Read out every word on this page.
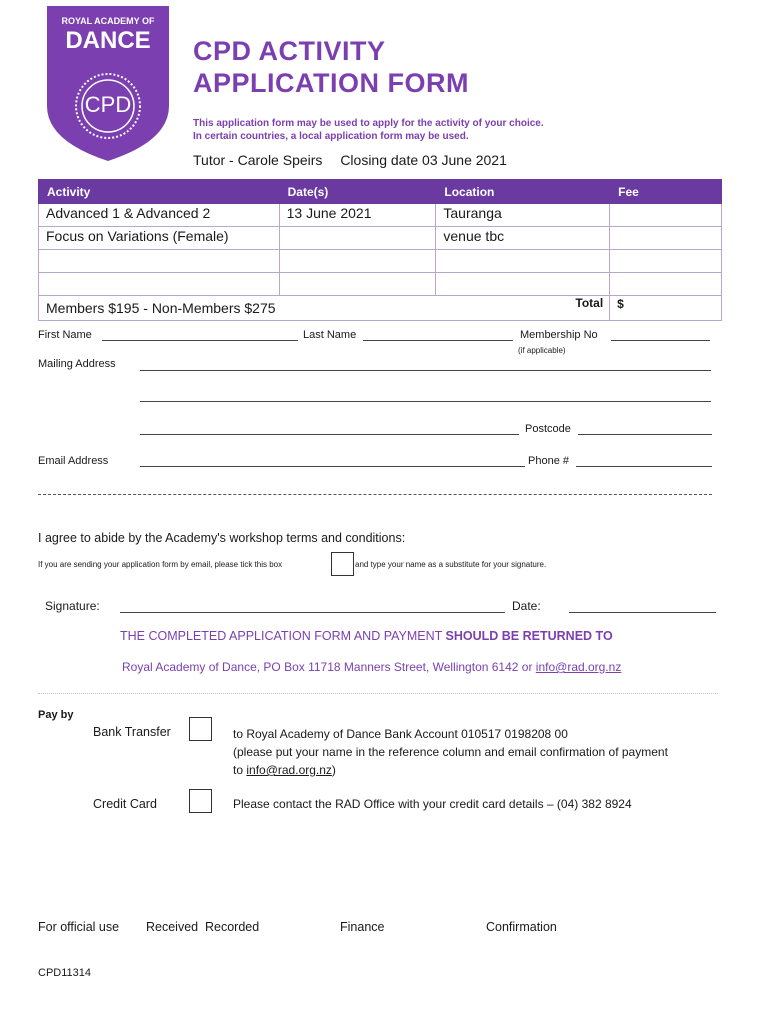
ROYAL ACADEMY OF
DANCE
CPD
CPD ACTIVITY
APPLICATION FORM
This application form may be used to apply for the activity of your choice.
In certain countries, a local application form may be used.
Tutor - Carole Speirs Closing date 03 June 2021
Activity	Date(s)	Location	Fee
Advanced 1 & Advanced 2	13 June 2021	Tauranga	
Focus on Variations (Female)		venue tbc	

Members $195 - Non-Members $275 Total			$
First Name	Last Name	Membership No
(if applicable)
Mailing Address
Postcode
Email Address	Phone #
I agree to abide by the Academy's workshop terms and conditions:
If you are sending your application form by email, please tick this box	and type your name as a substitute for your signature.
Signature:	Date:
THE COMPLETED APPLICATION FORM AND PAYMENT SHOULD BE RETURNED TO
Royal Academy of Dance, PO Box 11718 Manners Street, Wellington 6142 or info@rad.org.nz
Pay by
Bank Transfer	to Royal Academy of Dance Bank Account 010517 0198208 00
(please put your name in the reference column and email confirmation of payment
to info@rad.org.nz)
Credit Card	Please contact the RAD Office with your credit card details – (04) 382 8924
For official use Received Recorded	Finance	Confirmation
CPD11314
